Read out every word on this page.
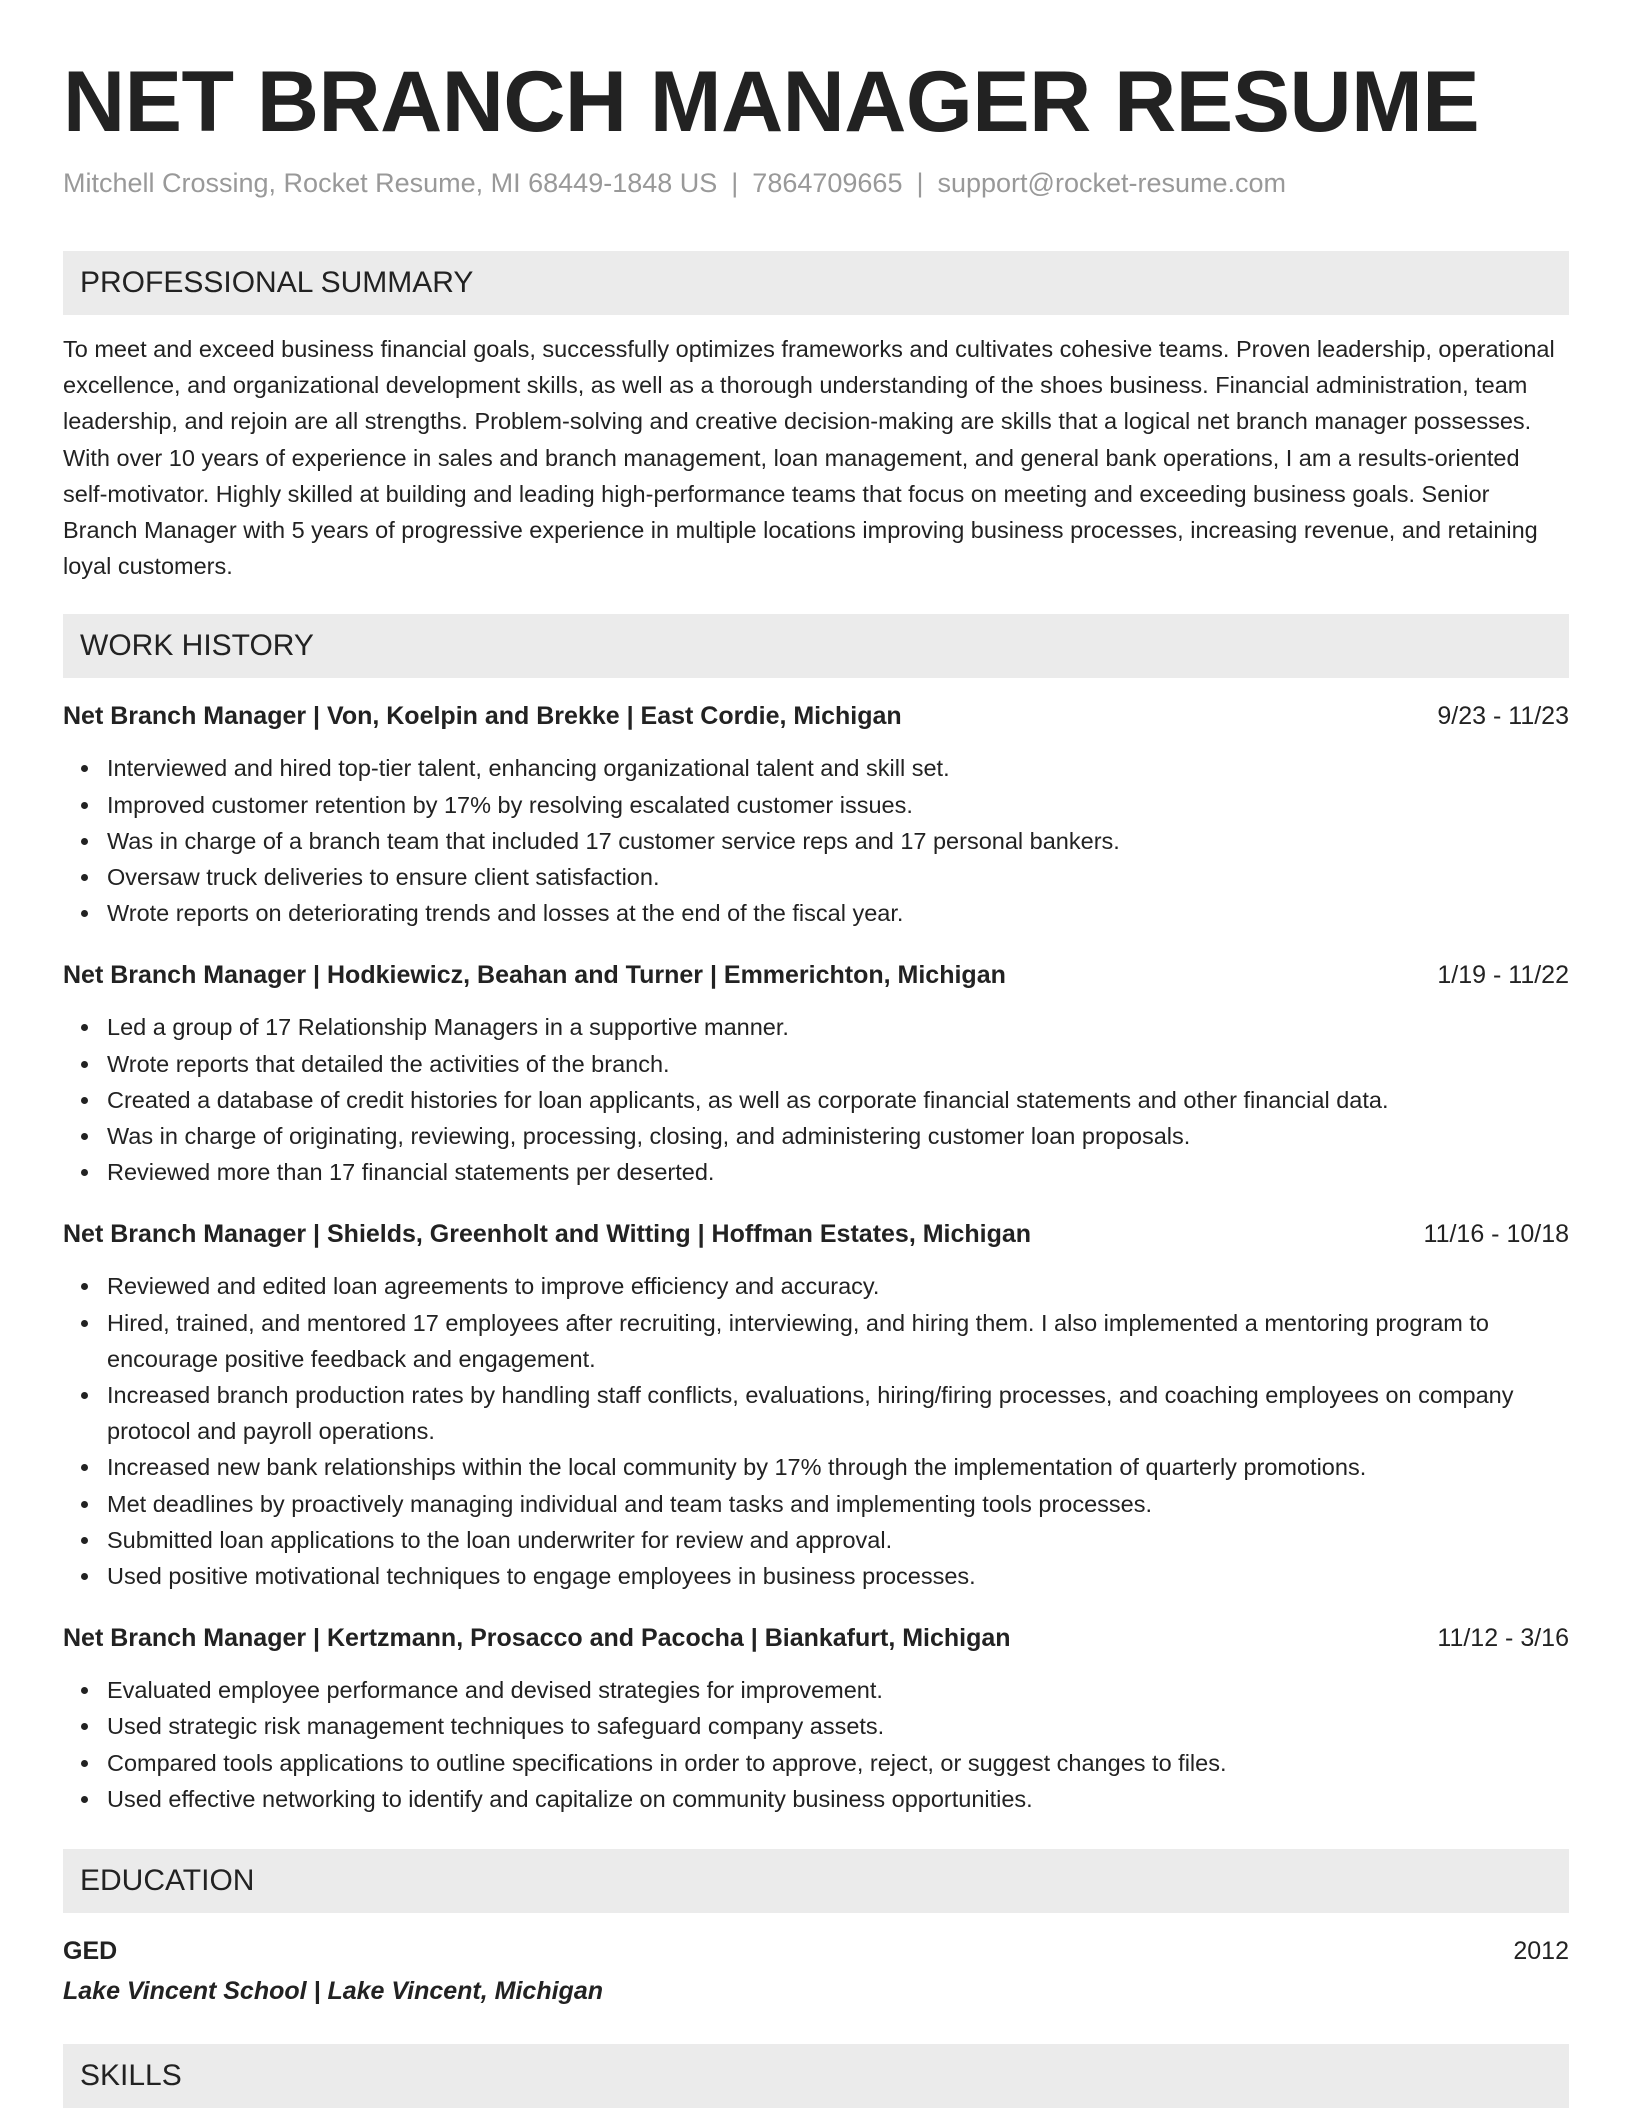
NET BRANCH MANAGER RESUME
Mitchell Crossing, Rocket Resume, MI 68449-1848 US | 7864709665 | support@rocket-resume.com
PROFESSIONAL SUMMARY
To meet and exceed business financial goals, successfully optimizes frameworks and cultivates cohesive teams. Proven leadership, operational excellence, and organizational development skills, as well as a thorough understanding of the shoes business. Financial administration, team leadership, and rejoin are all strengths. Problem-solving and creative decision-making are skills that a logical net branch manager possesses. With over 10 years of experience in sales and branch management, loan management, and general bank operations, I am a results-oriented self-motivator. Highly skilled at building and leading high-performance teams that focus on meeting and exceeding business goals. Senior Branch Manager with 5 years of progressive experience in multiple locations improving business processes, increasing revenue, and retaining loyal customers.
WORK HISTORY
Net Branch Manager | Von, Koelpin and Brekke | East Cordie, Michigan	9/23 - 11/23
Interviewed and hired top-tier talent, enhancing organizational talent and skill set.
Improved customer retention by 17% by resolving escalated customer issues.
Was in charge of a branch team that included 17 customer service reps and 17 personal bankers.
Oversaw truck deliveries to ensure client satisfaction.
Wrote reports on deteriorating trends and losses at the end of the fiscal year.
Net Branch Manager | Hodkiewicz, Beahan and Turner | Emmerichton, Michigan	1/19 - 11/22
Led a group of 17 Relationship Managers in a supportive manner.
Wrote reports that detailed the activities of the branch.
Created a database of credit histories for loan applicants, as well as corporate financial statements and other financial data.
Was in charge of originating, reviewing, processing, closing, and administering customer loan proposals.
Reviewed more than 17 financial statements per deserted.
Net Branch Manager | Shields, Greenholt and Witting | Hoffman Estates, Michigan	11/16 - 10/18
Reviewed and edited loan agreements to improve efficiency and accuracy.
Hired, trained, and mentored 17 employees after recruiting, interviewing, and hiring them. I also implemented a mentoring program to encourage positive feedback and engagement.
Increased branch production rates by handling staff conflicts, evaluations, hiring/firing processes, and coaching employees on company protocol and payroll operations.
Increased new bank relationships within the local community by 17% through the implementation of quarterly promotions.
Met deadlines by proactively managing individual and team tasks and implementing tools processes.
Submitted loan applications to the loan underwriter for review and approval.
Used positive motivational techniques to engage employees in business processes.
Net Branch Manager | Kertzmann, Prosacco and Pacocha | Biankafurt, Michigan	11/12 - 3/16
Evaluated employee performance and devised strategies for improvement.
Used strategic risk management techniques to safeguard company assets.
Compared tools applications to outline specifications in order to approve, reject, or suggest changes to files.
Used effective networking to identify and capitalize on community business opportunities.
EDUCATION
GED	2012
Lake Vincent School | Lake Vincent, Michigan
SKILLS
